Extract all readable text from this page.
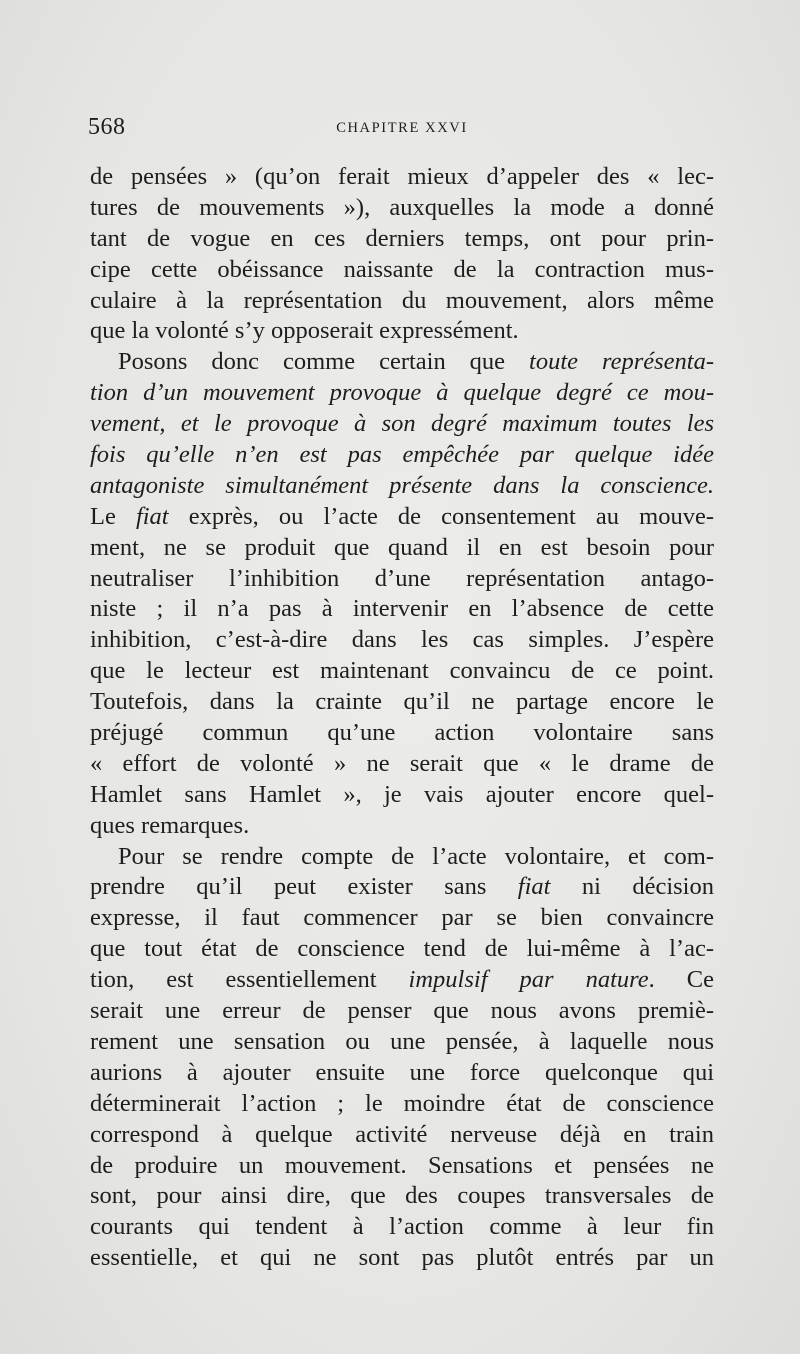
568	CHAPITRE XXVI
de pensées » (qu’on ferait mieux d’appeler des « lec-
tures de mouvements »), auxquelles la mode a donné
tant de vogue en ces derniers temps, ont pour prin-
cipe cette obéissance naissante de la contraction mus-
culaire à la représentation du mouvement, alors même
que la volonté s’y opposerait expressément.
Posons donc comme certain que toute représenta-
tion d’un mouvement provoque à quelque degré ce mou-
vement, et le provoque à son degré maximum toutes les
fois qu’elle n’en est pas empêchée par quelque idée
antagoniste simultanément présente dans la conscience.
Le fiat exprès, ou l’acte de consentement au mouve-
ment, ne se produit que quand il en est besoin pour
neutraliser l’inhibition d’une représentation antago-
niste ; il n’a pas à intervenir en l’absence de cette
inhibition, c’est-à-dire dans les cas simples. J’espère
que le lecteur est maintenant convaincu de ce point.
Toutefois, dans la crainte qu’il ne partage encore le
préjugé commun qu’une action volontaire sans
« effort de volonté » ne serait que « le drame de
Hamlet sans Hamlet », je vais ajouter encore quel-
ques remarques.
Pour se rendre compte de l’acte volontaire, et com-
prendre qu’il peut exister sans fiat ni décision
expresse, il faut commencer par se bien convaincre
que tout état de conscience tend de lui-même à l’ac-
tion, est essentiellement impulsif par nature. Ce
serait une erreur de penser que nous avons premiè-
rement une sensation ou une pensée, à laquelle nous
aurions à ajouter ensuite une force quelconque qui
déterminerait l’action ; le moindre état de conscience
correspond à quelque activité nerveuse déjà en train
de produire un mouvement. Sensations et pensées ne
sont, pour ainsi dire, que des coupes transversales de
courants qui tendent à l’action comme à leur fin
essentielle, et qui ne sont pas plutôt entrés par un
